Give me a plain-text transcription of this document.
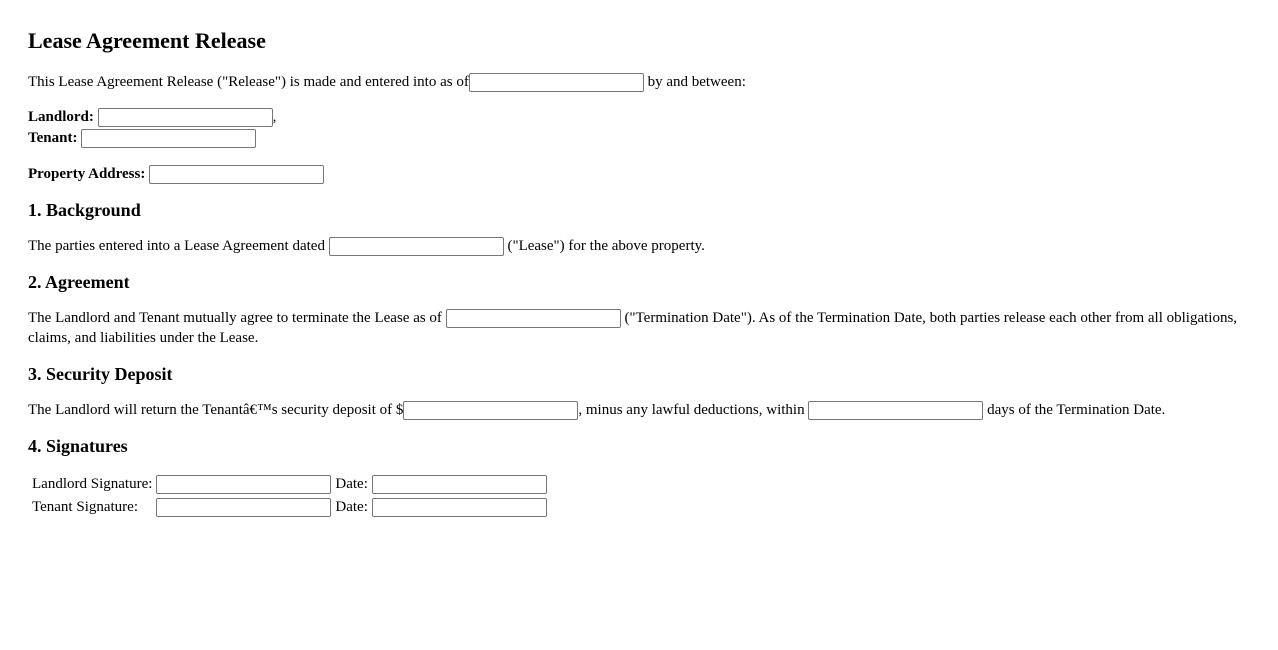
Lease Agreement Release

This Lease Agreement Release ("Release") is made and entered into as of	by and between:

Landlord:	,
Tenant:

Property Address:

1. Background

The parties entered into a Lease Agreement dated	("Lease") for the above property.

2. Agreement

The Landlord and Tenant mutually agree to terminate the Lease as of	("Termination Date"). As of the Termination Date, both parties release each other from all obligations, claims, and liabilities under the Lease.

3. Security Deposit

The Landlord will return the Tenantâ€™s security deposit of $	, minus any lawful deductions, within	days of the Termination Date.

4. Signatures
Landlord Signature:		Date:	
Tenant Signature:		Date:	
